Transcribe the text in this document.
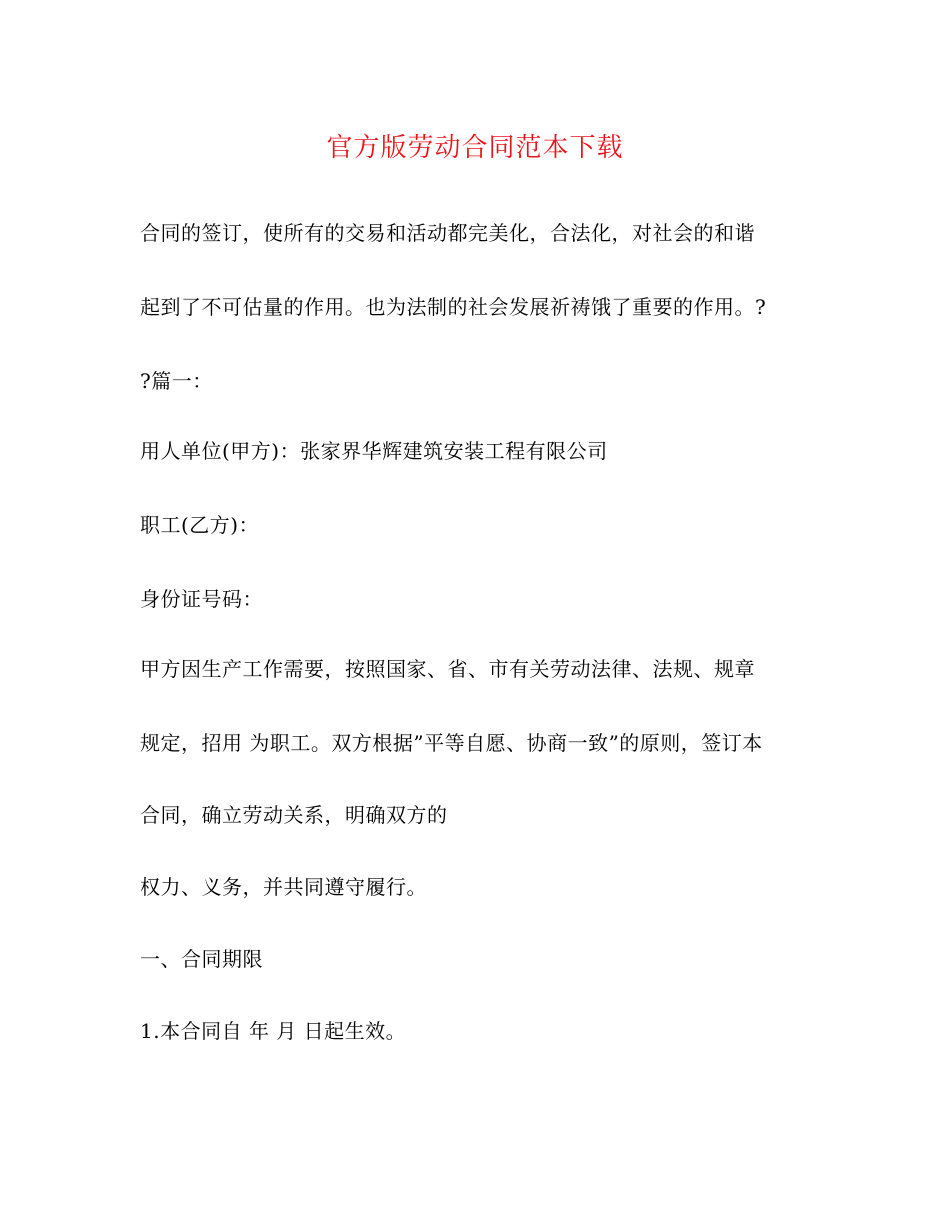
官方版劳动合同范本下载
合同的签订，使所有的交易和活动都完美化，合法化，对社会的和谐
起到了不可估量的作用。也为法制的社会发展祈祷饿了重要的作用。?
?篇一：
用人单位(甲方)：张家界华辉建筑安装工程有限公司
职工(乙方)：
身份证号码：
甲方因生产工作需要，按照国家、省、市有关劳动法律、法规、规章
规定，招用 为职工。双方根据”平等自愿、协商一致”的原则，签订本
合同，确立劳动关系，明确双方的
权力、义务，并共同遵守履行。
一、合同期限
1.本合同自 年 月 日起生效。
